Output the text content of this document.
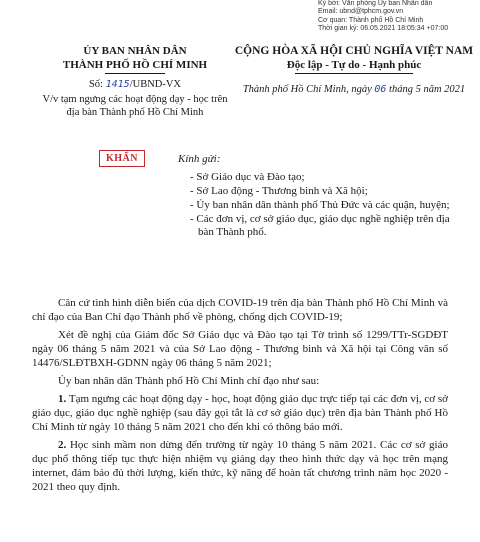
Ký bởi: Văn phòng Ủy ban Nhân dân
Email: ubnd@tphcm.gov.vn
Cơ quan: Thành phố Hồ Chí Minh
Thời gian ký: 06.05.2021 18:05:34 +07:00
ỦY BAN NHÂN DÂN
THÀNH PHỐ HỒ CHÍ MINH
Số: 1415/UBND-VX
V/v tạm ngưng các hoạt động dạy - học trên địa bàn Thành phố Hồ Chí Minh
CỘNG HÒA XÃ HỘI CHỦ NGHĨA VIỆT NAM
Độc lập - Tự do - Hạnh phúc
Thành phố Hồ Chí Minh, ngày 06 tháng 5 năm 2021
KHẨN	Kính gửi:
- Sở Giáo dục và Đào tạo;
- Sở Lao động - Thương binh và Xã hội;
- Ủy ban nhân dân thành phố Thủ Đức và các quận, huyện;
- Các đơn vị, cơ sở giáo dục, giáo dục nghề nghiệp trên địa bàn Thành phố.

Căn cứ tình hình diễn biến của dịch COVID-19 trên địa bàn Thành phố Hồ Chí Minh và chỉ đạo của Ban Chỉ đạo Thành phố về phòng, chống dịch COVID-19;

Xét đề nghị của Giám đốc Sở Giáo dục và Đào tạo tại Tờ trình số 1299/TTr-SGDĐT ngày 06 tháng 5 năm 2021 và của Sở Lao động - Thương binh và Xã hội tại Công văn số 14476/SLĐTBXH-GDNN ngày 06 tháng 5 năm 2021;

Ủy ban nhân dân Thành phố Hồ Chí Minh chỉ đạo như sau:

1. Tạm ngưng các hoạt động dạy - học, hoạt động giáo dục trực tiếp tại các đơn vị, cơ sở giáo dục, giáo dục nghề nghiệp (sau đây gọi tắt là cơ sở giáo dục) trên địa bàn Thành phố Hồ Chí Minh từ ngày 10 tháng 5 năm 2021 cho đến khi có thông báo mới.

2. Học sinh mầm non dừng đến trường từ ngày 10 tháng 5 năm 2021. Các cơ sở giáo dục phổ thông tiếp tục thực hiện nhiệm vụ giảng dạy theo hình thức dạy và học trên mạng internet, đảm bảo đủ thời lượng, kiến thức, kỹ năng để hoàn tất chương trình năm học 2020 - 2021 theo quy định.
